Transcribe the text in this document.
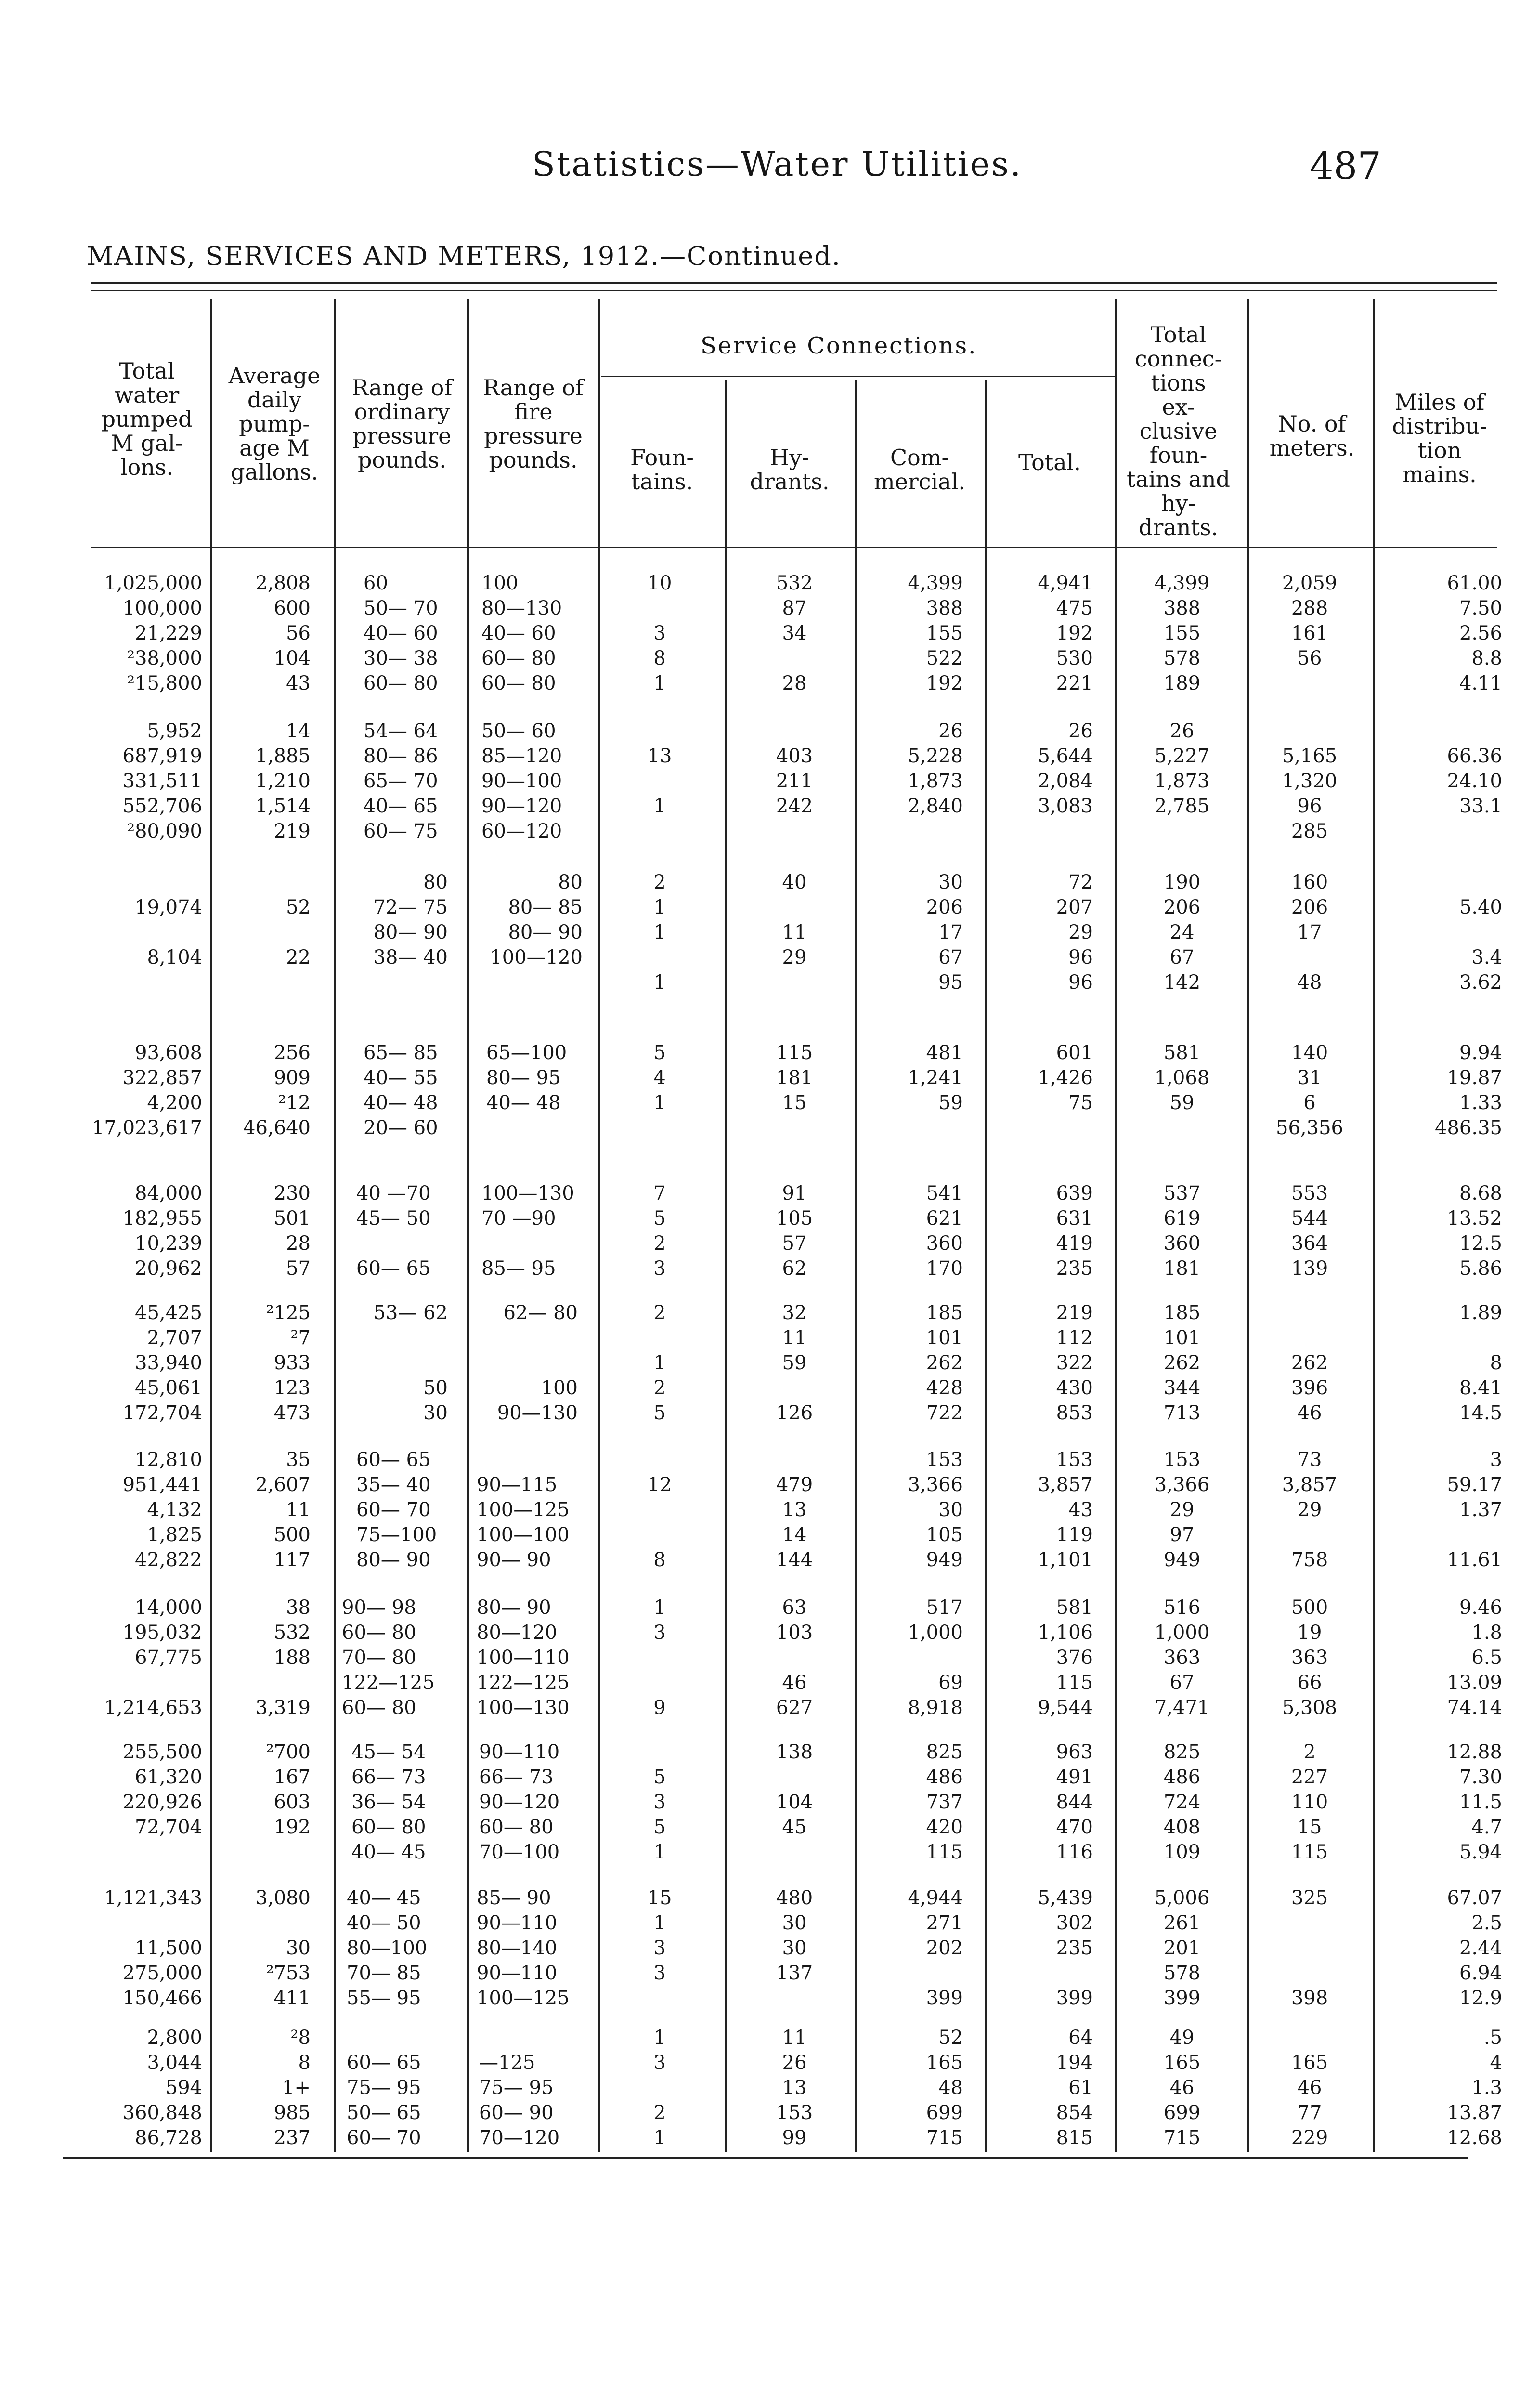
Statistics—Water Utilities.	487
MAINS, SERVICES AND METERS, 1912.—Continued.
Total
water
pumped
M gal-
lons.
Average
daily
pump-
age M
gallons.
Range of
ordinary
pressure
pounds.
Range of
fire
pressure
pounds.
Service Connections.
Foun-
tains.
Hy-
drants.
Com-
mercial.
Total.
Total
connec-
tions
ex-
clusive
foun-
tains and
hy-
drants.
No. of
meters.
Miles of
distribu-
tion
mains.
1,025,000
100,000
21,229
²38,000
²15,800
2,808
600
56
104
43
60
50— 70
40— 60
30— 38
60— 80
100
80—130
40— 60
60— 80
60— 80
10

3
8
1
532
87
34

28
4,399
388
155
522
192
4,941
475
192
530
221
4,399
388
155
578
189
2,059
288
161
56

61.00
7.50
2.56
8.8
4.11
5,952
687,919
331,511
552,706
²80,090
14
1,885
1,210
1,514
219
54— 64
80— 86
65— 70
40— 65
60— 75
50— 60
85—120
90—100
90—120
60—120

13

1

403
211
242

26
5,228
1,873
2,840

26
5,644
2,084
3,083

26
5,227
1,873
2,785

5,165
1,320
96
285

66.36
24.10
33.1

19,074

8,104

52

22

80
72— 75
80— 90
38— 40

80
80— 85
80— 90
100—120

2
1
1

1
40

11
29

30
206
17
67
95
72
207
29
96
96
190
206
24
67
142
160
206
17

48

5.40

3.4
3.62
93,608
322,857
4,200
17,023,617
256
909
²12
46,640
65— 85
40— 55
40— 48
20— 60
65—100
80— 95
40— 48

5
4
1

115
181
15

481
1,241
59

601
1,426
75

581
1,068
59

140
31
6
56,356
9.94
19.87
1.33
486.35
84,000
182,955
10,239
20,962
230
501
28
57
40 —70
45— 50

60— 65
100—130
70 —90

85— 95
7
5
2
3
91
105
57
62
541
621
360
170
639
631
419
235
537
619
360
181
553
544
364
139
8.68
13.52
12.5
5.86
45,425
2,707
33,940
45,061
172,704
²125
²7
933
123
473
53— 62

50
30
62— 80

100
90—130
2

1
2
5
32
11
59

126
185
101
262
428
722
219
112
322
430
853
185
101
262
344
713

262
396
46
1.89

8
8.41
14.5
12,810
951,441
4,132
1,825
42,822
35
2,607
11
500
117
60— 65
35— 40
60— 70
75—100
80— 90

90—115
100—125
100—100
90— 90

12

8

479
13
14
144
153
3,366
30
105
949
153
3,857
43
119
1,101
153
3,366
29
97
949
73
3,857
29

758
3
59.17
1.37

11.61
14,000
195,032
67,775

1,214,653
38
532
188

3,319
90— 98
60— 80
70— 80
122—125
60— 80
80— 90
80—120
100—110
122—125
100—130
1
3

9
63
103

46
627
517
1,000

69
8,918
581
1,106
376
115
9,544
516
1,000
363
67
7,471
500
19
363
66
5,308
9.46
1.8
6.5
13.09
74.14
255,500
61,320
220,926
72,704

²700
167
603
192

45— 54
66— 73
36— 54
60— 80
40— 45
90—110
66— 73
90—120
60— 80
70—100

5
3
5
1
138

104
45

825
486
737
420
115
963
491
844
470
116
825
486
724
408
109
2
227
110
15
115
12.88
7.30
11.5
4.7
5.94
1,121,343

11,500
275,000
150,466
3,080

30
²753
411
40— 45
40— 50
80—100
70— 85
55— 95
85— 90
90—110
80—140
90—110
100—125
15
1
3
3

480
30
30
137

4,944
271
202

399
5,439
302
235

399
5,006
261
201
578
399
325

398
67.07
2.5
2.44
6.94
12.9
2,800
3,044
594
360,848
86,728
²8
8
1+
985
237

60— 65
75— 95
50— 65
60— 70

—125
75— 95
60— 90
70—120
1
3

2
1
11
26
13
153
99
52
165
48
699
715
64
194
61
854
815
49
165
46
699
715

165
46
77
229
.5
4
1.3
13.87
12.68
